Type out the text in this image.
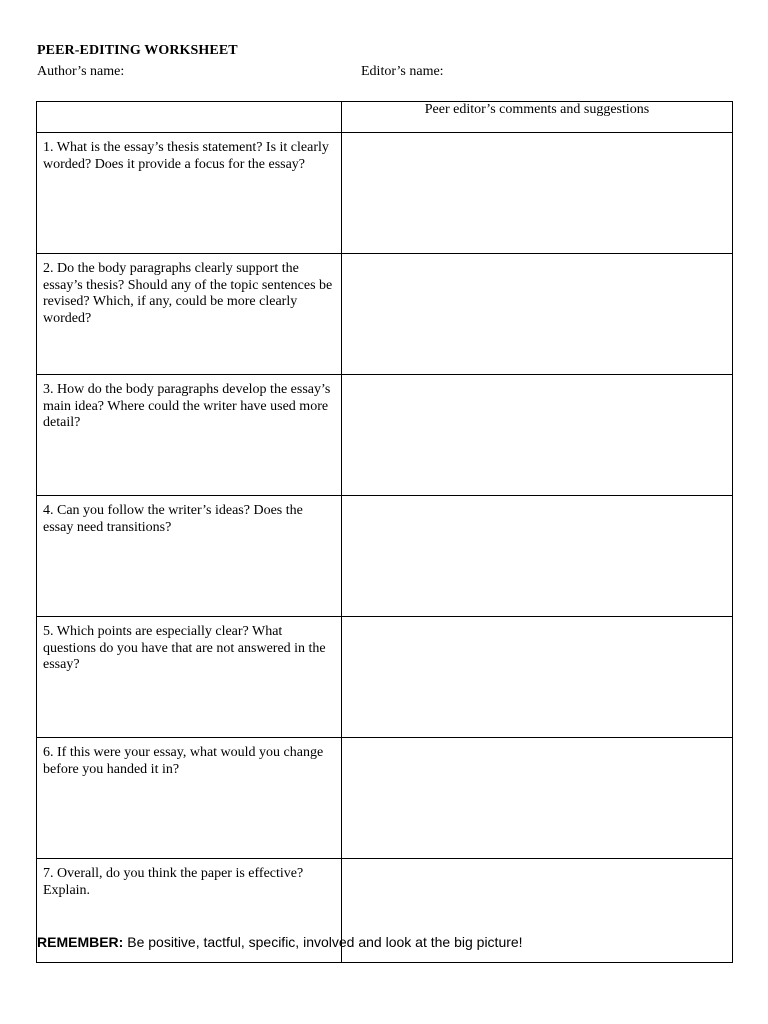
PEER-EDITING WORKSHEET
Author’s name:	Editor’s name:
	Peer editor’s comments and suggestions
1. What is the essay’s thesis statement? Is it clearly worded? Does it provide a focus for the essay?	
2. Do the body paragraphs clearly support the essay’s thesis? Should any of the topic sentences be revised? Which, if any, could be more clearly worded?	
3. How do the body paragraphs develop the essay’s main idea? Where could the writer have used more detail?	
4. Can you follow the writer’s ideas? Does the essay need transitions?	
5. Which points are especially clear? What questions do you have that are not answered in the essay?	
6. If this were your essay, what would you change before you handed it in?	
7. Overall, do you think the paper is effective? Explain.	
REMEMBER: Be positive, tactful, specific, involved and look at the big picture!
